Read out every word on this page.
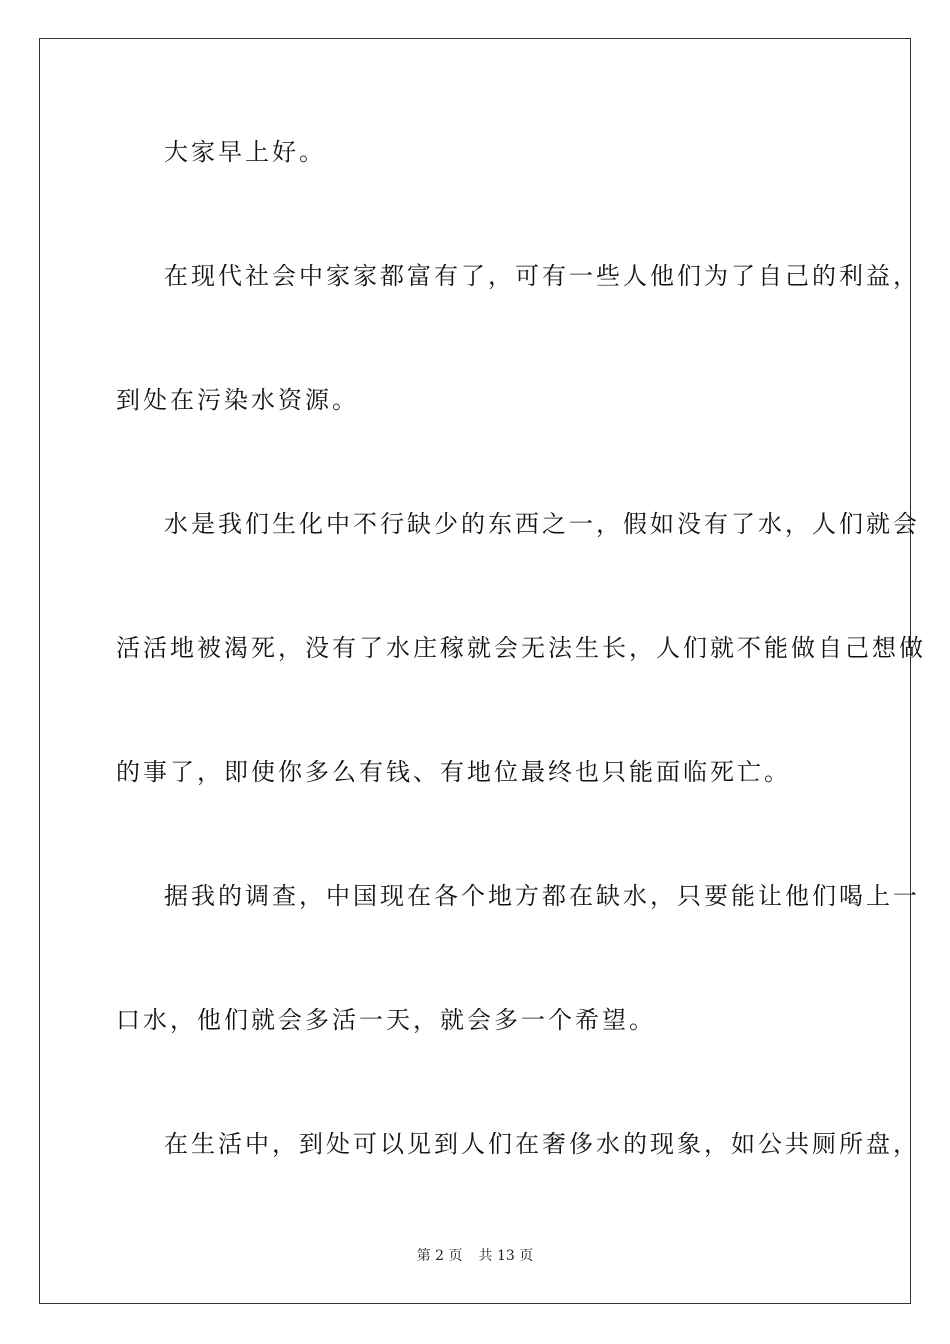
大家早上好。
在现代社会中家家都富有了，可有一些人他们为了自己的利益，
到处在污染水资源。
水是我们生化中不行缺少的东西之一，假如没有了水，人们就会
活活地被渴死，没有了水庄稼就会无法生长，人们就不能做自己想做
的事了，即使你多么有钱、有地位最终也只能面临死亡。
据我的调查，中国现在各个地方都在缺水，只要能让他们喝上一
口水，他们就会多活一天，就会多一个希望。
在生活中，到处可以见到人们在奢侈水的现象，如公共厕所盘，
第 2 页 共 13 页
